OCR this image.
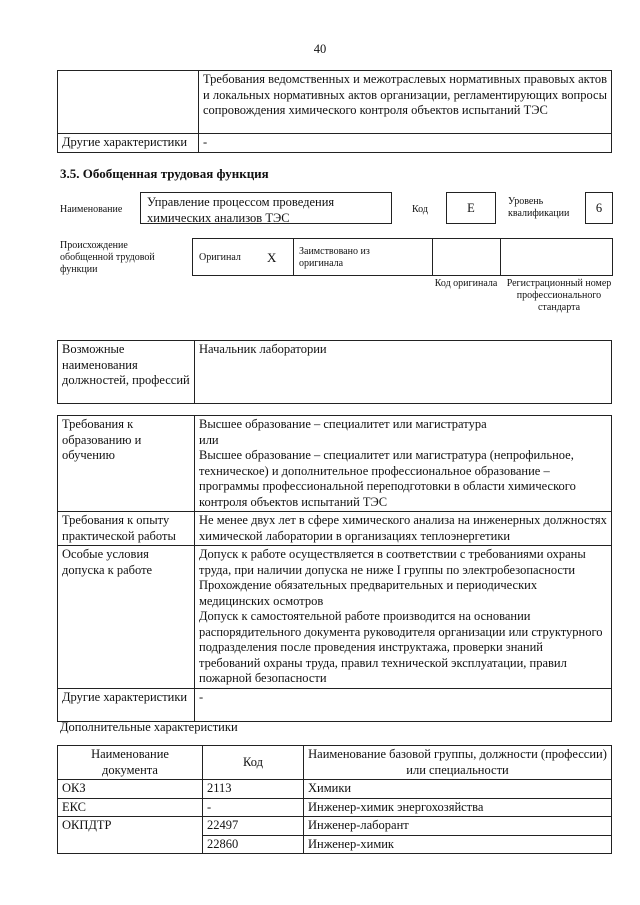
40
	Требования ведомственных и межотраслевых нормативных правовых актов и локальных нормативных актов организации, регламентирующих вопросы сопровождения химического контроля объектов испытаний ТЭС
Другие характеристики	-
3.5. Обобщенная трудовая функция
Наименование
Управление процессом проведения химических анализов ТЭС
Код	E	Уровень квалификации	6
Происхождение обобщенной трудовой функции
Оригинал X Заимствовано из оригинала
Код оригинала Регистрационный номер профессионального стандарта
Возможные наименования должностей, профессий	Начальник лаборатории
Требования к образованию и обучению	Высшее образование – специалитет или магистратура
или
Высшее образование – специалитет или магистратура (непрофильное, техническое) и дополнительное профессиональное образование – программы профессиональной переподготовки в области химического контроля объектов испытаний ТЭС

Требования к опыту практической работы	Не менее двух лет в сфере химического анализа на инженерных должностях химической лаборатории в организациях теплоэнергетики

Особые условия допуска к работе	Допуск к работе осуществляется в соответствии с требованиями охраны труда, при наличии допуска не ниже I группы по электробезопасности
Прохождение обязательных предварительных и периодических медицинских осмотров
Допуск к самостоятельной работе производится на основании распорядительного документа руководителя организации или структурного подразделения после проведения инструктажа, проверки знаний требований охраны труда, правил технической эксплуатации, правил пожарной безопасности

Другие характеристики	-
Дополнительные характеристики
Наименование документа	Код	Наименование базовой группы, должности (профессии) или специальности
ОКЗ	2113	Химики
ЕКС	-	Инженер-химик энергохозяйства
ОКПДТР	22497	Инженер-лаборант
	22860	Инженер-химик
